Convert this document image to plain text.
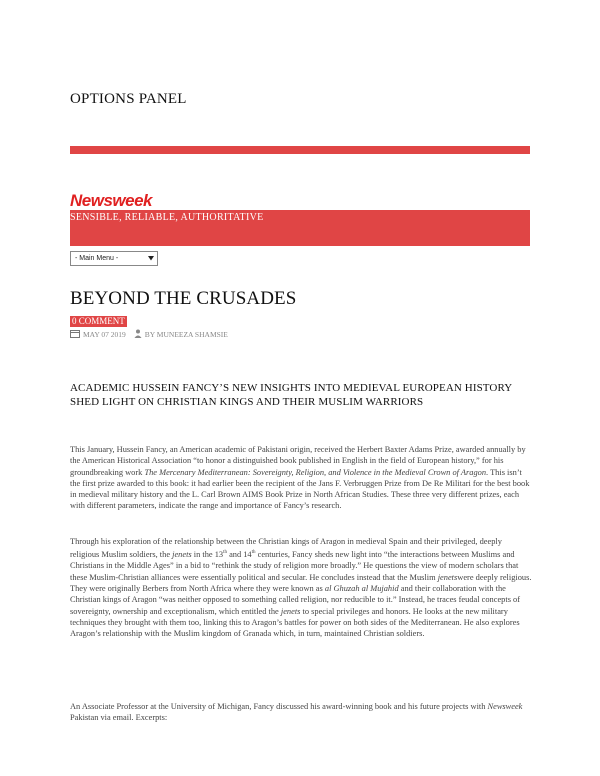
OPTIONS PANEL
Newsweek
SENSIBLE, RELIABLE, AUTHORITATIVE
- Main Menu -
BEYOND THE CRUSADES
0 COMMENT
MAY 07 2019	BY MUNEEZA SHAMSIE
ACADEMIC HUSSEIN FANCY’S NEW INSIGHTS INTO MEDIEVAL EUROPEAN HISTORY SHED LIGHT ON CHRISTIAN KINGS AND THEIR MUSLIM WARRIORS
This January, Hussein Fancy, an American academic of Pakistani origin, received the Herbert Baxter Adams Prize, awarded annually by the American Historical Association “to honor a distinguished book published in English in the field of European history,” for his groundbreaking work The Mercenary Mediterranean: Sovereignty, Religion, and Violence in the Medieval Crown of Aragon. This isn’t the first prize awarded to this book: it had earlier been the recipient of the Jans F. Verbruggen Prize from De Re Militari for the best book in medieval military history and the L. Carl Brown AIMS Book Prize in North African Studies. These three very different prizes, each with different parameters, indicate the range and importance of Fancy’s research.
Through his exploration of the relationship between the Christian kings of Aragon in medieval Spain and their privileged, deeply religious Muslim soldiers, the jenets in the 13th and 14th centuries, Fancy sheds new light into “the interactions between Muslims and Christians in the Middle Ages” in a bid to “rethink the study of religion more broadly.” He questions the view of modern scholars that these Muslim-Christian alliances were essentially political and secular. He concludes instead that the Muslim jenetswere deeply religious. They were originally Berbers from North Africa where they were known as al Ghuzah al Mujahid and their collaboration with the Christian kings of Aragon “was neither opposed to something called religion, nor reducible to it.” Instead, he traces feudal concepts of sovereignty, ownership and exceptionalism, which entitled the jenets to special privileges and honors. He looks at the new military techniques they brought with them too, linking this to Aragon’s battles for power on both sides of the Mediterranean. He also explores Aragon’s relationship with the Muslim kingdom of Granada which, in turn, maintained Christian soldiers.
An Associate Professor at the University of Michigan, Fancy discussed his award-winning book and his future projects with Newsweek Pakistan via email. Excerpts:
